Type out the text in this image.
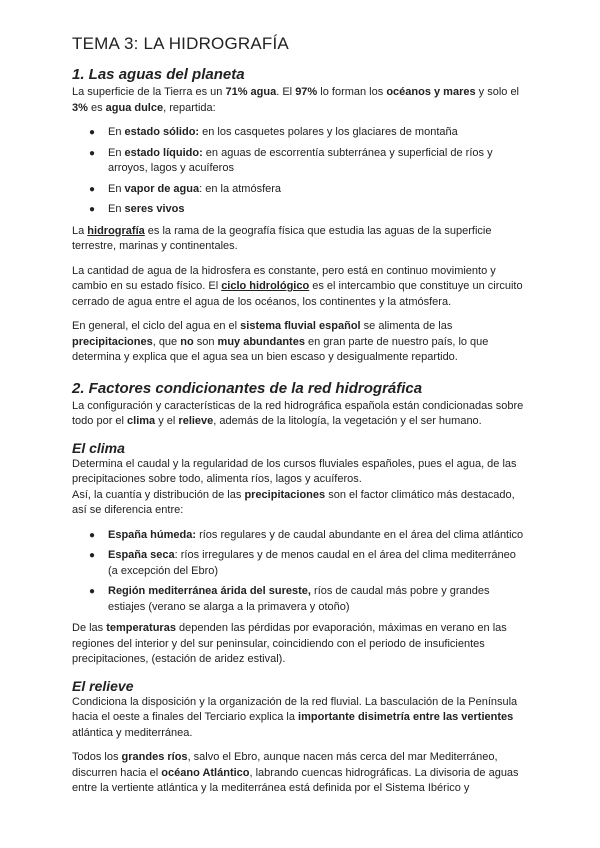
TEMA 3: LA HIDROGRAFÍA
1. Las aguas del planeta

La superficie de la Tierra es un 71% agua. El 97% lo forman los océanos y mares y solo el 3% es agua dulce, repartida:

● En estado sólido: en los casquetes polares y los glaciares de montaña
● En estado líquido: en aguas de escorrentía subterránea y superficial de ríos y arroyos, lagos y acuíferos
● En vapor de agua: en la atmósfera
● En seres vivos

La hidrografía es la rama de la geografía física que estudia las aguas de la superficie terrestre, marinas y continentales.

La cantidad de agua de la hidrosfera es constante, pero está en continuo movimiento y cambio en su estado físico. El ciclo hidrológico es el intercambio que constituye un circuito cerrado de agua entre el agua de los océanos, los continentes y la atmósfera.

En general, el ciclo del agua en el sistema fluvial español se alimenta de las precipitaciones, que no son muy abundantes en gran parte de nuestro país, lo que determina y explica que el agua sea un bien escaso y desigualmente repartido.

2. Factores condicionantes de la red hidrográfica

La configuración y características de la red hidrográfica española están condicionadas sobre todo por el clima y el relieve, además de la litología, la vegetación y el ser humano.

El clima

Determina el caudal y la regularidad de los cursos fluviales españoles, pues el agua, de las precipitaciones sobre todo, alimenta ríos, lagos y acuíferos.

Así, la cuantía y distribución de las precipitaciones son el factor climático más destacado, así se diferencia entre:

● España húmeda: ríos regulares y de caudal abundante en el área del clima atlántico
● España seca: ríos irregulares y de menos caudal en el área del clima mediterráneo (a excepción del Ebro)
● Región mediterránea árida del sureste, ríos de caudal más pobre y grandes estiajes (verano se alarga a la primavera y otoño)

De las temperaturas dependen las pérdidas por evaporación, máximas en verano en las regiones del interior y del sur peninsular, coincidiendo con el periodo de insuficientes precipitaciones, (estación de aridez estival).

El relieve

Condiciona la disposición y la organización de la red fluvial. La basculación de la Península hacia el oeste a finales del Terciario explica la importante disimetría entre las vertientes atlántica y mediterránea.

Todos los grandes ríos, salvo el Ebro, aunque nacen más cerca del mar Mediterráneo, discurren hacia el océano Atlántico, labrando cuencas hidrográficas. La divisoria de aguas entre la vertiente atlántica y la mediterránea está definida por el Sistema Ibérico y
